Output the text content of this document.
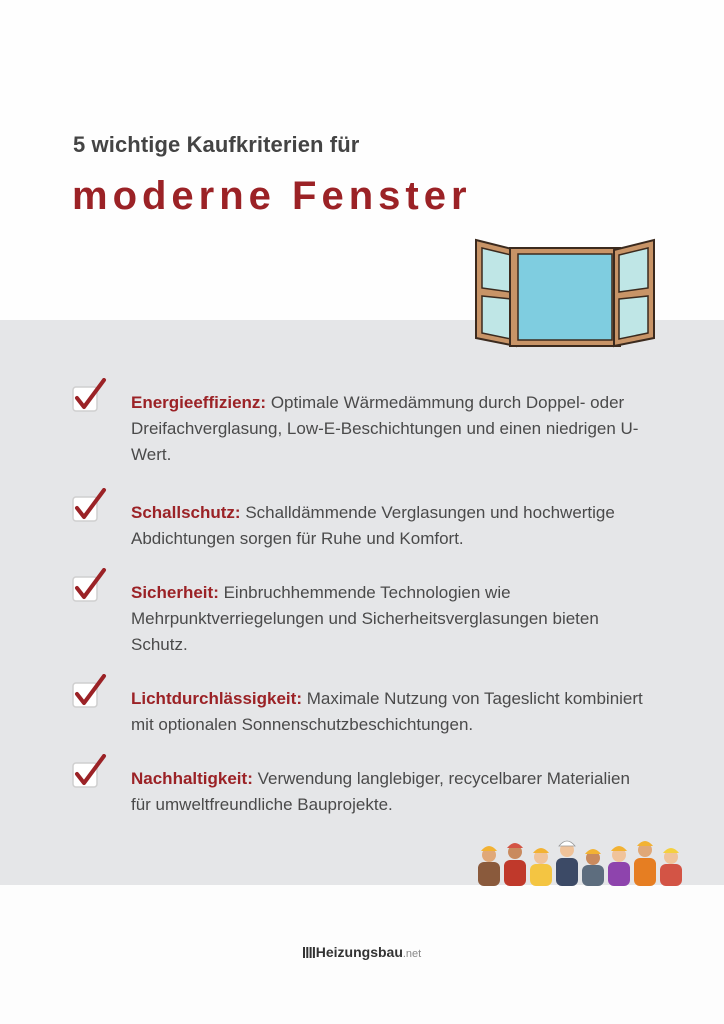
5 wichtige Kaufkriterien für
moderne Fenster
Energieeffizienz: Optimale Wärmedämmung durch Doppel- oder Dreifachverglasung, Low-E-Beschichtungen und einen niedrigen U-Wert.
Schallschutz: Schalldämmende Verglasungen und hochwertige Abdichtungen sorgen für Ruhe und Komfort.
Sicherheit: Einbruchhemmende Technologien wie Mehrpunktverriegelungen und Sicherheitsverglasungen bieten Schutz.
Lichtdurchlässigkeit: Maximale Nutzung von Tageslicht kombiniert mit optionalen Sonnenschutzbeschichtungen.
Nachhaltigkeit: Verwendung langlebiger, recycelbarer Materialien für umweltfreundliche Bauprojekte.
Heizungsbau.net
